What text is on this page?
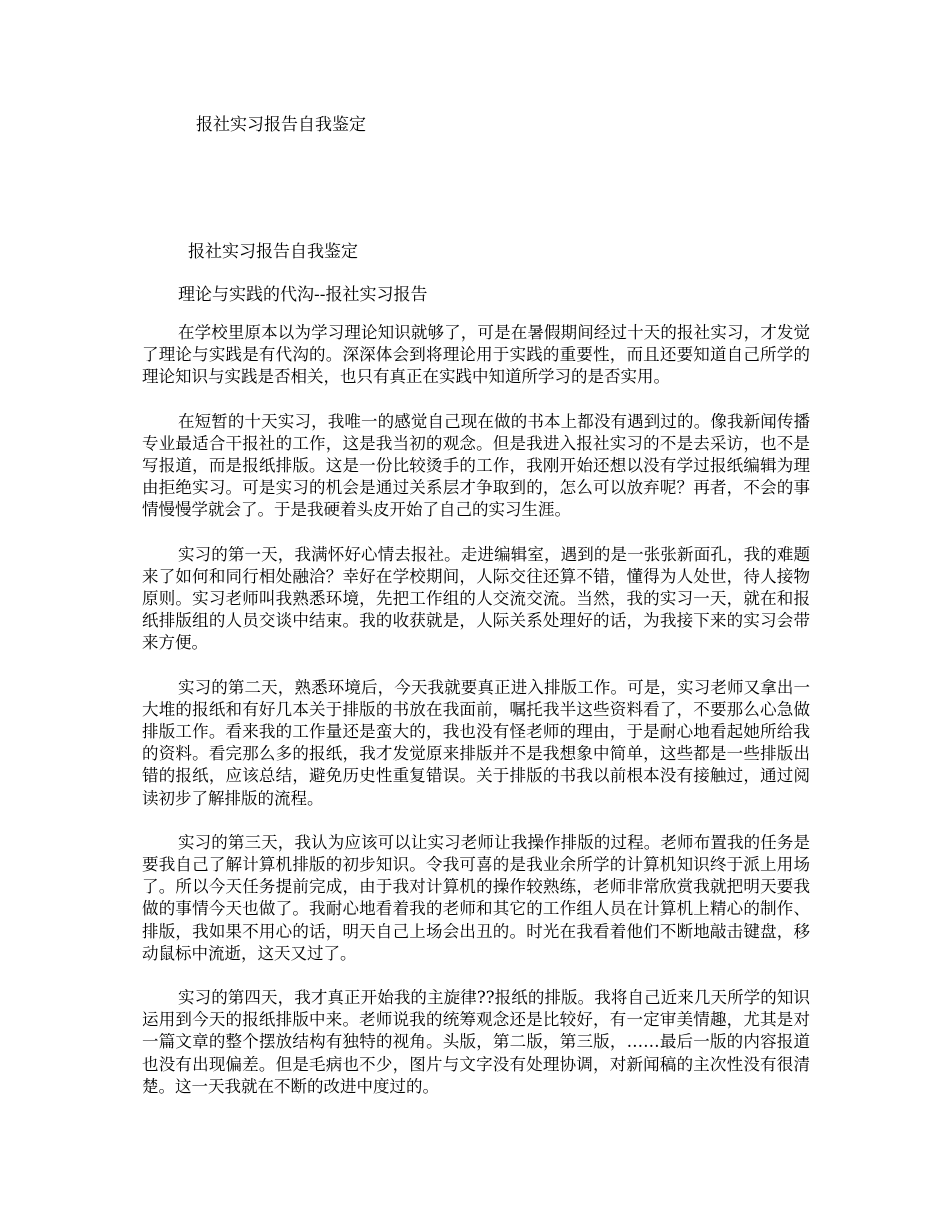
报社实习报告自我鉴定
报社实习报告自我鉴定
理论与实践的代沟--报社实习报告

在学校里原本以为学习理论知识就够了，可是在暑假期间经过十天的报社实习，才发觉了理论与实践是有代沟的。深深体会到将理论用于实践的重要性，而且还要知道自己所学的理论知识与实践是否相关，也只有真正在实践中知道所学习的是否实用。

在短暂的十天实习，我唯一的感觉自己现在做的书本上都没有遇到过的。像我新闻传播专业最适合干报社的工作，这是我当初的观念。但是我进入报社实习的不是去采访，也不是写报道，而是报纸排版。这是一份比较烫手的工作，我刚开始还想以没有学过报纸编辑为理由拒绝实习。可是实习的机会是通过关系层才争取到的，怎么可以放弃呢？再者，不会的事情慢慢学就会了。于是我硬着头皮开始了自己的实习生涯。

实习的第一天，我满怀好心情去报社。走进编辑室，遇到的是一张张新面孔，我的难题来了如何和同行相处融洽？幸好在学校期间，人际交往还算不错，懂得为人处世，待人接物原则。实习老师叫我熟悉环境，先把工作组的人交流交流。当然，我的实习一天，就在和报纸排版组的人员交谈中结束。我的收获就是，人际关系处理好的话，为我接下来的实习会带来方便。

实习的第二天，熟悉环境后，今天我就要真正进入排版工作。可是，实习老师又拿出一大堆的报纸和有好几本关于排版的书放在我面前，嘱托我半这些资料看了，不要那么心急做排版工作。看来我的工作量还是蛮大的，我也没有怪老师的理由，于是耐心地看起她所给我的资料。看完那么多的报纸，我才发觉原来排版并不是我想象中简单，这些都是一些排版出错的报纸，应该总结，避免历史性重复错误。关于排版的书我以前根本没有接触过，通过阅读初步了解排版的流程。

实习的第三天，我认为应该可以让实习老师让我操作排版的过程。老师布置我的任务是要我自己了解计算机排版的初步知识。令我可喜的是我业余所学的计算机知识终于派上用场了。所以今天任务提前完成，由于我对计算机的操作较熟练，老师非常欣赏我就把明天要我做的事情今天也做了。我耐心地看着我的老师和其它的工作组人员在计算机上精心的制作、排版，我如果不用心的话，明天自己上场会出丑的。时光在我看着他们不断地敲击键盘，移动鼠标中流逝，这天又过了。

实习的第四天，我才真正开始我的主旋律??报纸的排版。我将自己近来几天所学的知识运用到今天的报纸排版中来。老师说我的统筹观念还是比较好，有一定审美情趣，尤其是对一篇文章的整个摆放结构有独特的视角。头版，第二版，第三版，……最后一版的内容报道也没有出现偏差。但是毛病也不少，图片与文字没有处理协调，对新闻稿的主次性没有很清楚。这一天我就在不断的改进中度过的。
